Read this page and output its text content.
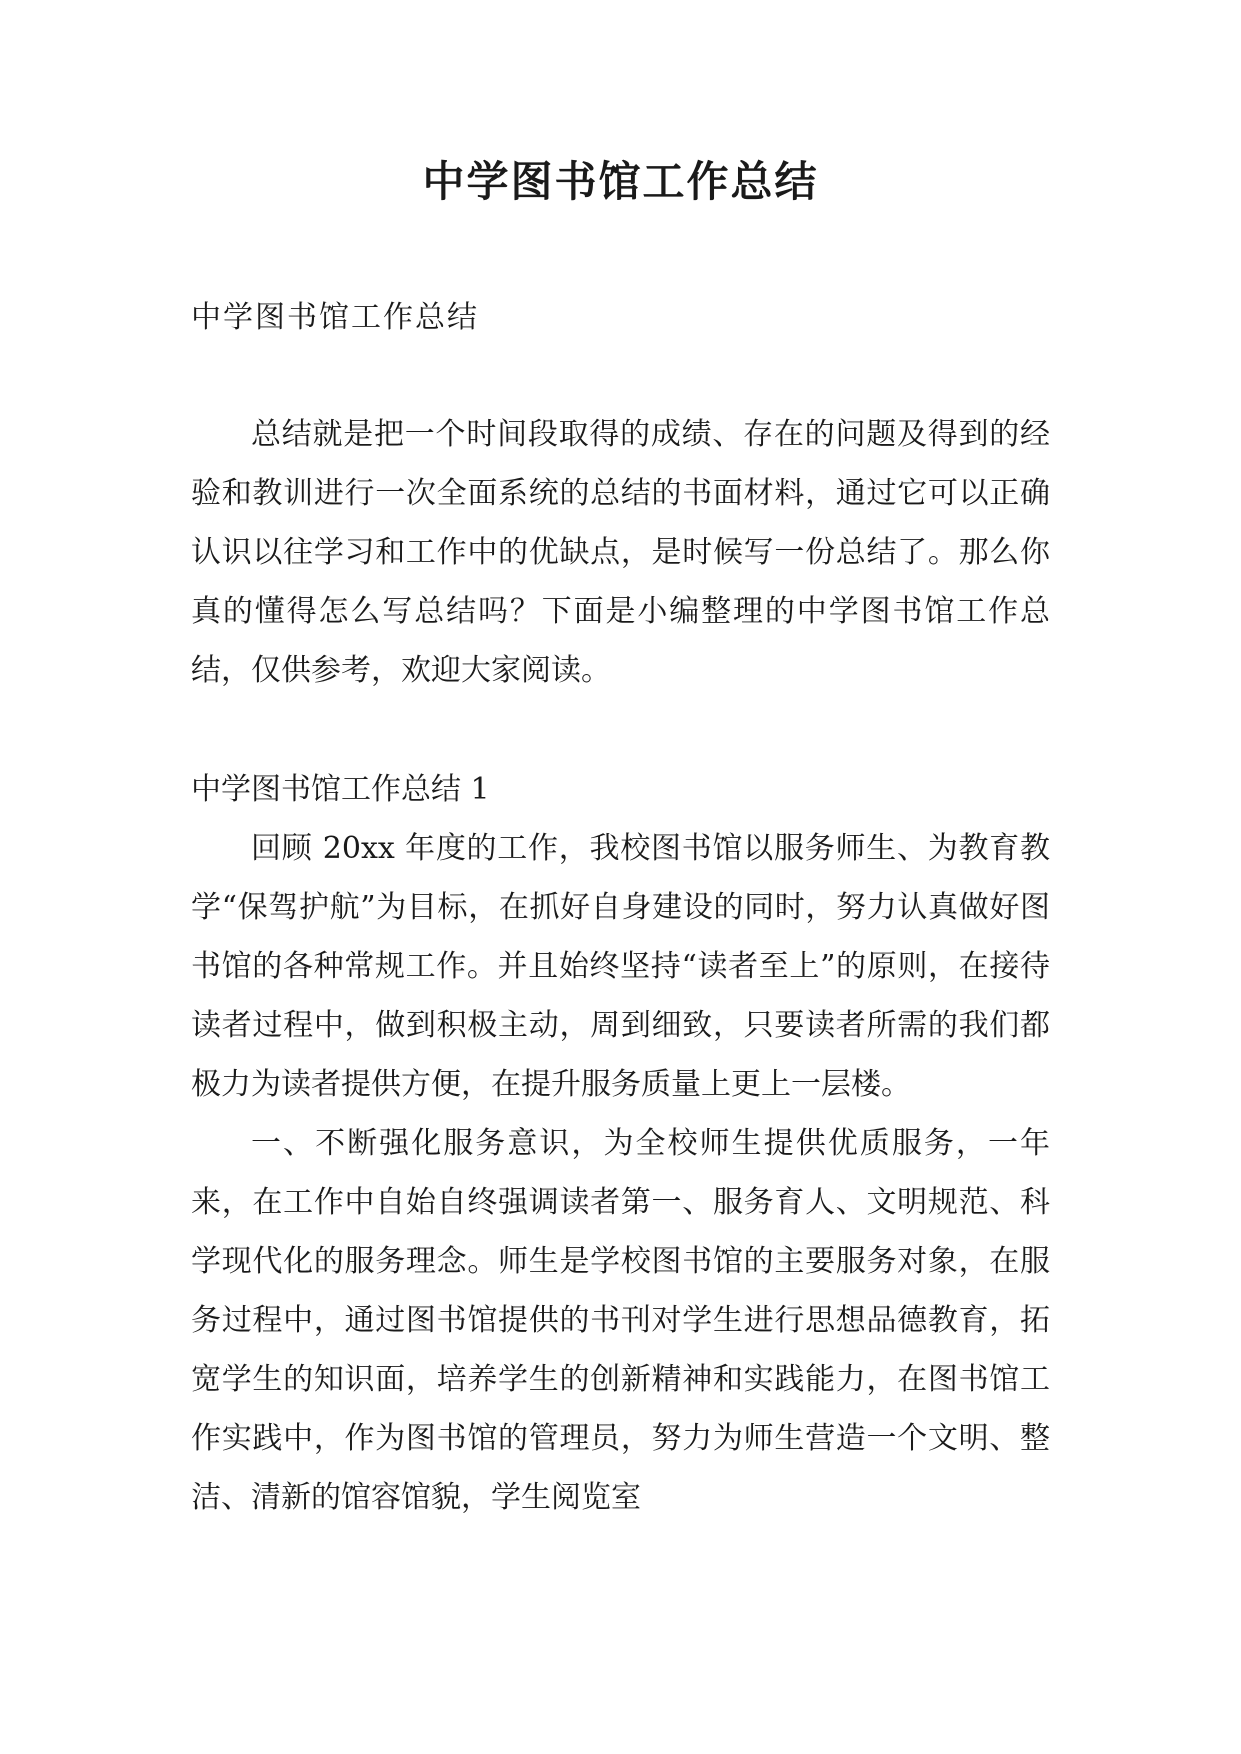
中学图书馆工作总结

中学图书馆工作总结

总结就是把一个时间段取得的成绩、存在的问题及得到的经验和教训进行一次全面系统的总结的书面材料，通过它可以正确认识以往学习和工作中的优缺点，是时候写一份总结了。那么你真的懂得怎么写总结吗？下面是小编整理的中学图书馆工作总结，仅供参考，欢迎大家阅读。

中学图书馆工作总结 1

回顾 20xx 年度的工作，我校图书馆以服务师生、为教育教学“保驾护航”为目标，在抓好自身建设的同时，努力认真做好图书馆的各种常规工作。并且始终坚持“读者至上”的原则，在接待读者过程中，做到积极主动，周到细致，只要读者所需的我们都极力为读者提供方便，在提升服务质量上更上一层楼。

一、不断强化服务意识，为全校师生提供优质服务，一年来，在工作中自始自终强调读者第一、服务育人、文明规范、科学现代化的服务理念。师生是学校图书馆的主要服务对象，在服务过程中，通过图书馆提供的书刊对学生进行思想品德教育，拓宽学生的知识面，培养学生的创新精神和实践能力，在图书馆工作实践中，作为图书馆的管理员，努力为师生营造一个文明、整洁、清新的馆容馆貌，学生阅览室
